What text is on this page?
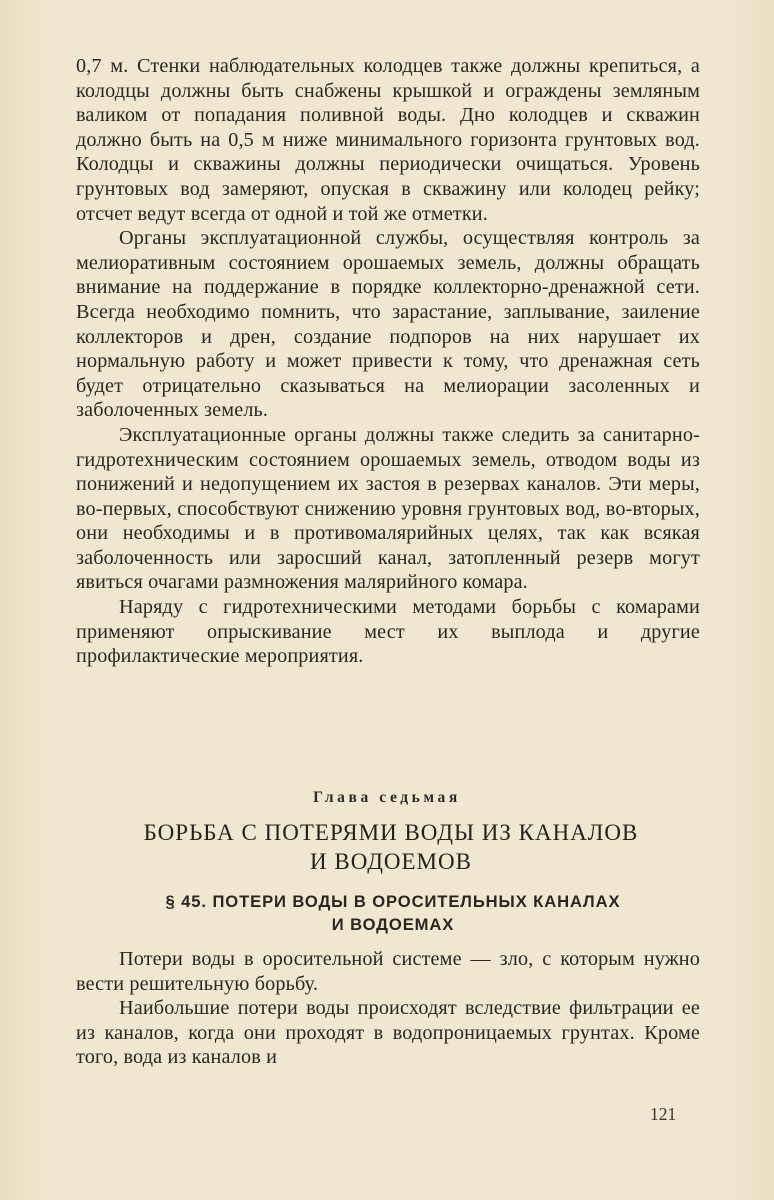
0,7 м. Стенки наблюдательных колодцев также должны крепиться, а колодцы должны быть снабжены крышкой и ограждены земляным валиком от попадания поливной воды. Дно колодцев и скважин должно быть на 0,5 м ниже минимального горизонта грунтовых вод. Колодцы и скважины должны периодически очищаться. Уровень грунтовых вод замеряют, опуская в скважину или колодец рейку; отсчет ведут всегда от одной и той же отметки.

Органы эксплуатационной службы, осуществляя контроль за мелиоративным состоянием орошаемых земель, должны обращать внимание на поддержание в порядке коллекторно-дренажной сети. Всегда необходимо помнить, что зарастание, заплывание, заиление коллекторов и дрен, создание подпоров на них нарушает их нормальную работу и может привести к тому, что дренажная сеть будет отрицательно сказываться на мелиорации засоленных и заболоченных земель.

Эксплуатационные органы должны также следить за санитарно-гидротехническим состоянием орошаемых земель, отводом воды из понижений и недопущением их застоя в резервах каналов. Эти меры, во-первых, способствуют снижению уровня грунтовых вод, во-вторых, они необходимы и в противомалярийных целях, так как всякая заболоченность или заросший канал, затопленный резерв могут явиться очагами размножения малярийного комара.

Наряду с гидротехническими методами борьбы с комарами применяют опрыскивание мест их выплода и другие профилактические мероприятия.

Глава седьмая
БОРЬБА С ПОТЕРЯМИ ВОДЫ ИЗ КАНАЛОВ
И ВОДОЕМОВ
§ 45. ПОТЕРИ ВОДЫ В ОРОСИТЕЛЬНЫХ КАНАЛАХ
И ВОДОЕМАХ

Потери воды в оросительной системе — зло, с которым нужно вести решительную борьбу.

Наибольшие потери воды происходят вследствие фильтрации ее из каналов, когда они проходят в водопроницаемых грунтах. Кроме того, вода из каналов и

121
